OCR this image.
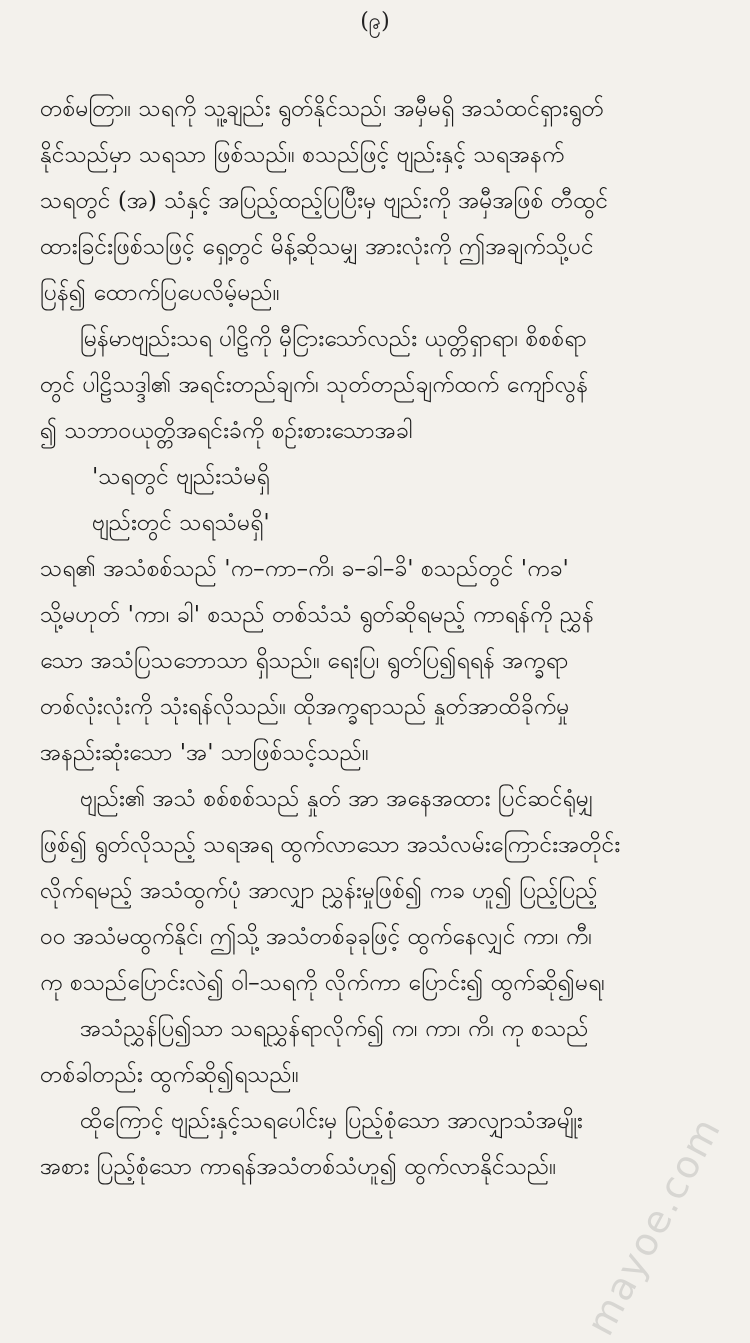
(၉)
တစ်မတြာ။ သရကို သူ့ချည်း ရွတ်နိုင်သည်၊ အမှီမရှိ အသံထင်ရှားရွတ်
နိုင်သည်မှာ သရသာ ဖြစ်သည်။ စသည်ဖြင့် ဗျည်းနှင့် သရအနက်
သရတွင် (အ) သံနှင့် အပြည့်ထည့်ပြပြီးမှ ဗျည်းကို အမှီအဖြစ် တီထွင်
ထားခြင်းဖြစ်သဖြင့် ရှေ့တွင် မိန့်ဆိုသမျှ အားလုံးကို ဤအချက်သို့ပင်
ပြန်၍ ထောက်ပြပေလိမ့်မည်။
မြန်မာဗျည်းသရ ပါဠိကို မှီငြားသော်လည်း ယုတ္တိရှာရာ၊ စိစစ်ရာ
တွင် ပါဠိသဒ္ဒါ၏ အရင်းတည်ချက်၊ သုတ်တည်ချက်ထက် ကျော်လွန်
၍ သဘာဝယုတ္တိအရင်းခံကို စဉ်းစားသောအခါ
'သရတွင် ဗျည်းသံမရှိ
ဗျည်းတွင် သရသံမရှိ'
သရ၏ အသံစစ်သည် 'က–ကာ–ကိ၊ ခ–ခါ–ခိ' စသည်တွင် 'ကခ'
သို့မဟုတ် 'ကာ၊ ခါ' စသည် တစ်သံသံ ရွတ်ဆိုရမည့် ကာရန်ကို ညွှန်
သော အသံပြသဘောသာ ရှိသည်။ ရေးပြ၊ ရွတ်ပြ၍ရရန် အက္ခရာ
တစ်လုံးလုံးကို သုံးရန်လိုသည်။ ထိုအက္ခရာသည် နှုတ်အာထိခိုက်မှု
အနည်းဆုံးသော 'အ' သာဖြစ်သင့်သည်။
ဗျည်း၏ အသံ စစ်စစ်သည် နှုတ် အာ အနေအထား ပြင်ဆင်ရုံမျှ
ဖြစ်၍ ရွတ်လိုသည့် သရအရ ထွက်လာသော အသံလမ်းကြောင်းအတိုင်း
လိုက်ရမည့် အသံထွက်ပုံ အာလျှာ ညွှန်းမှုဖြစ်၍ ကခ ဟူ၍ ပြည့်ပြည့်
ဝဝ အသံမထွက်နိုင်၊ ဤသို့ အသံတစ်ခုခုဖြင့် ထွက်နေလျှင် ကာ၊ ကီ၊
ကု စသည်ပြောင်းလဲ၍ ဝါ–သရကို လိုက်ကာ ပြောင်း၍ ထွက်ဆို၍မရ၊
အသံညွှန်ပြ၍သာ သရညွှန်ရာလိုက်၍ က၊ ကာ၊ ကိ၊ ကု စသည်
တစ်ခါတည်း ထွက်ဆို၍ရသည်။
ထိုကြောင့် ဗျည်းနှင့်သရပေါင်းမှ ပြည့်စုံသော အာလျှာသံအမျိုး
အစား ပြည့်စုံသော ကာရန်အသံတစ်သံဟူ၍ ထွက်လာနိုင်သည်။ mayoe.com
